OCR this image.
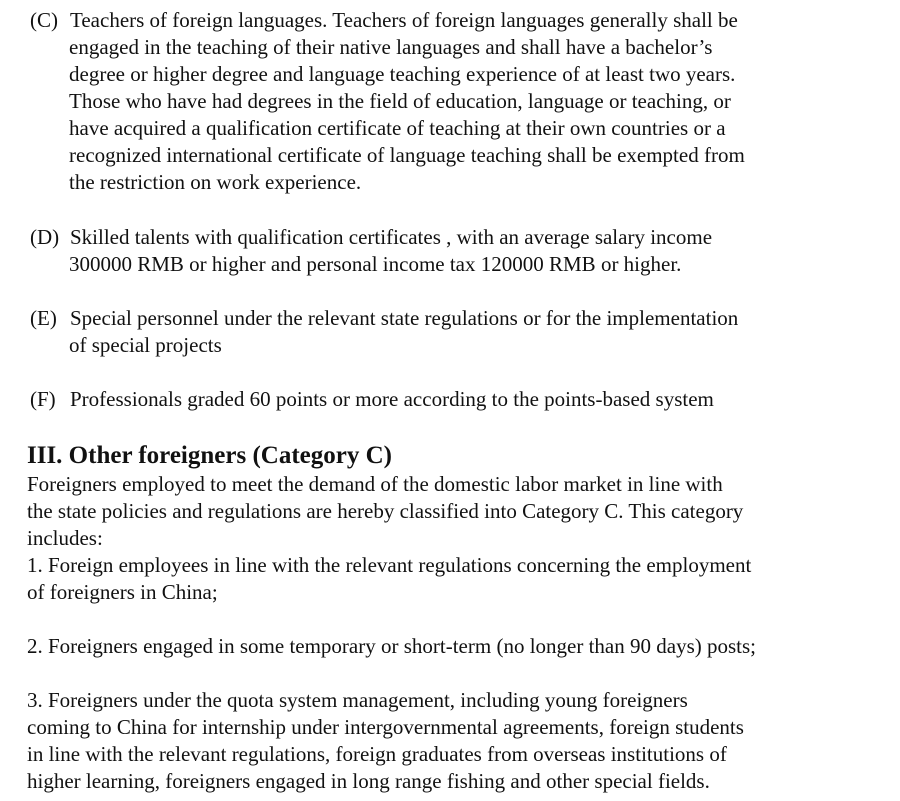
(C) Teachers of foreign languages. Teachers of foreign languages generally shall be
engaged in the teaching of their native languages and shall have a bachelor’s
degree or higher degree and language teaching experience of at least two years.
Those who have had degrees in the field of education, language or teaching, or
have acquired a qualification certificate of teaching at their own countries or a
recognized international certificate of language teaching shall be exempted from
the restriction on work experience.
(D) Skilled talents with qualification certificates , with an average salary income
300000 RMB or higher and personal income tax 120000 RMB or higher.
(E) Special personnel under the relevant state regulations or for the implementation
of special projects
(F) Professionals graded 60 points or more according to the points-based system
III. Other foreigners (Category C)
Foreigners employed to meet the demand of the domestic labor market in line with
the state policies and regulations are hereby classified into Category C. This category
includes:
1. Foreign employees in line with the relevant regulations concerning the employment
of foreigners in China;
2. Foreigners engaged in some temporary or short-term (no longer than 90 days) posts;
3. Foreigners under the quota system management, including young foreigners
coming to China for internship under intergovernmental agreements, foreign students
in line with the relevant regulations, foreign graduates from overseas institutions of
higher learning, foreigners engaged in long range fishing and other special fields.
